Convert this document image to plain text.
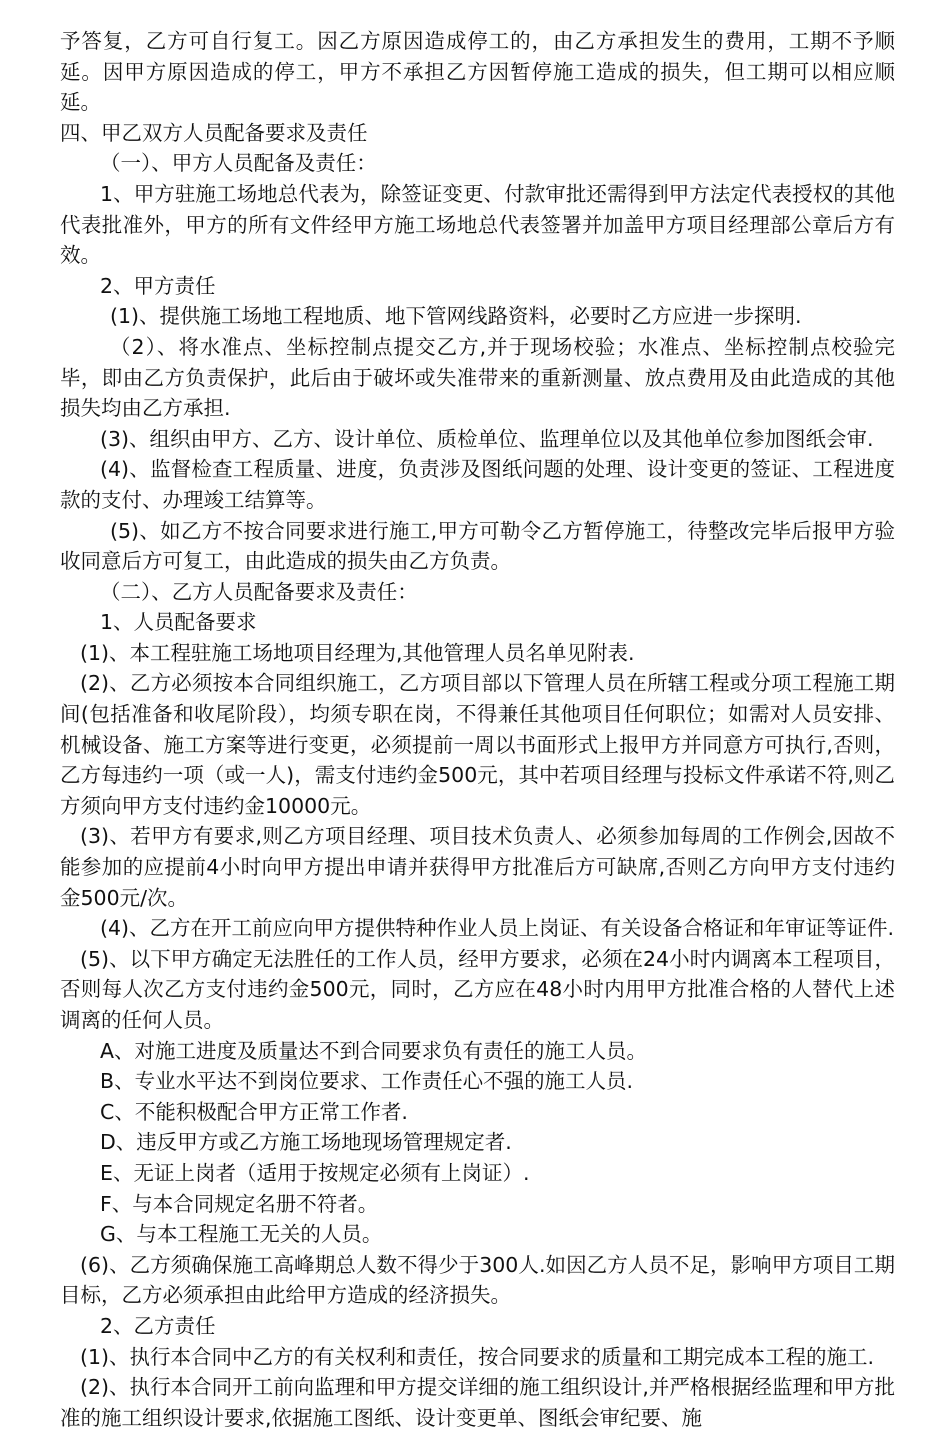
予答复，乙方可自行复工。因乙方原因造成停工的，由乙方承担发生的费用，工期不予顺延。因甲方原因造成的停工，甲方不承担乙方因暂停施工造成的损失，但工期可以相应顺延。

四、甲乙双方人员配备要求及责任

（一）、甲方人员配备及责任：

1、甲方驻施工场地总代表为，除签证变更、付款审批还需得到甲方法定代表授权的其他代表批准外，甲方的所有文件经甲方施工场地总代表签署并加盖甲方项目经理部公章后方有效。

2、甲方责任

(1)、提供施工场地工程地质、地下管网线路资料，必要时乙方应进一步探明.

（2）、将水准点、坐标控制点提交乙方,并于现场校验；水准点、坐标控制点校验完毕，即由乙方负责保护，此后由于破坏或失准带来的重新测量、放点费用及由此造成的其他损失均由乙方承担.

(3)、组织由甲方、乙方、设计单位、质检单位、监理单位以及其他单位参加图纸会审.

(4)、监督检查工程质量、进度，负责涉及图纸问题的处理、设计变更的签证、工程进度款的支付、办理竣工结算等。

(5)、如乙方不按合同要求进行施工,甲方可勒令乙方暂停施工，待整改完毕后报甲方验收同意后方可复工，由此造成的损失由乙方负责。

（二）、乙方人员配备要求及责任：

1、人员配备要求

(1)、本工程驻施工场地项目经理为,其他管理人员名单见附表.

(2)、乙方必须按本合同组织施工，乙方项目部以下管理人员在所辖工程或分项工程施工期间(包括准备和收尾阶段），均须专职在岗，不得兼任其他项目任何职位；如需对人员安排、机械设备、施工方案等进行变更，必须提前一周以书面形式上报甲方并同意方可执行,否则，乙方每违约一项（或一人)，需支付违约金500元，其中若项目经理与投标文件承诺不符,则乙方须向甲方支付违约金10000元。

(3)、若甲方有要求,则乙方项目经理、项目技术负责人、必须参加每周的工作例会,因故不能参加的应提前4小时向甲方提出申请并获得甲方批准后方可缺席,否则乙方向甲方支付违约金500元/次。

(4)、乙方在开工前应向甲方提供特种作业人员上岗证、有关设备合格证和年审证等证件.

(5)、以下甲方确定无法胜任的工作人员，经甲方要求，必须在24小时内调离本工程项目，否则每人次乙方支付违约金500元，同时，乙方应在48小时内用甲方批准合格的人替代上述调离的任何人员。

A、对施工进度及质量达不到合同要求负有责任的施工人员。

B、专业水平达不到岗位要求、工作责任心不强的施工人员.

C、不能积极配合甲方正常工作者.

D、违反甲方或乙方施工场地现场管理规定者.

E、无证上岗者（适用于按规定必须有上岗证）.

F、与本合同规定名册不符者。

G、与本工程施工无关的人员。

(6)、乙方须确保施工高峰期总人数不得少于300人.如因乙方人员不足，影响甲方项目工期目标，乙方必须承担由此给甲方造成的经济损失。

2、乙方责任

(1)、执行本合同中乙方的有关权利和责任，按合同要求的质量和工期完成本工程的施工.

(2)、执行本合同开工前向监理和甲方提交详细的施工组织设计,并严格根据经监理和甲方批准的施工组织设计要求,依据施工图纸、设计变更单、图纸会审纪要、施
